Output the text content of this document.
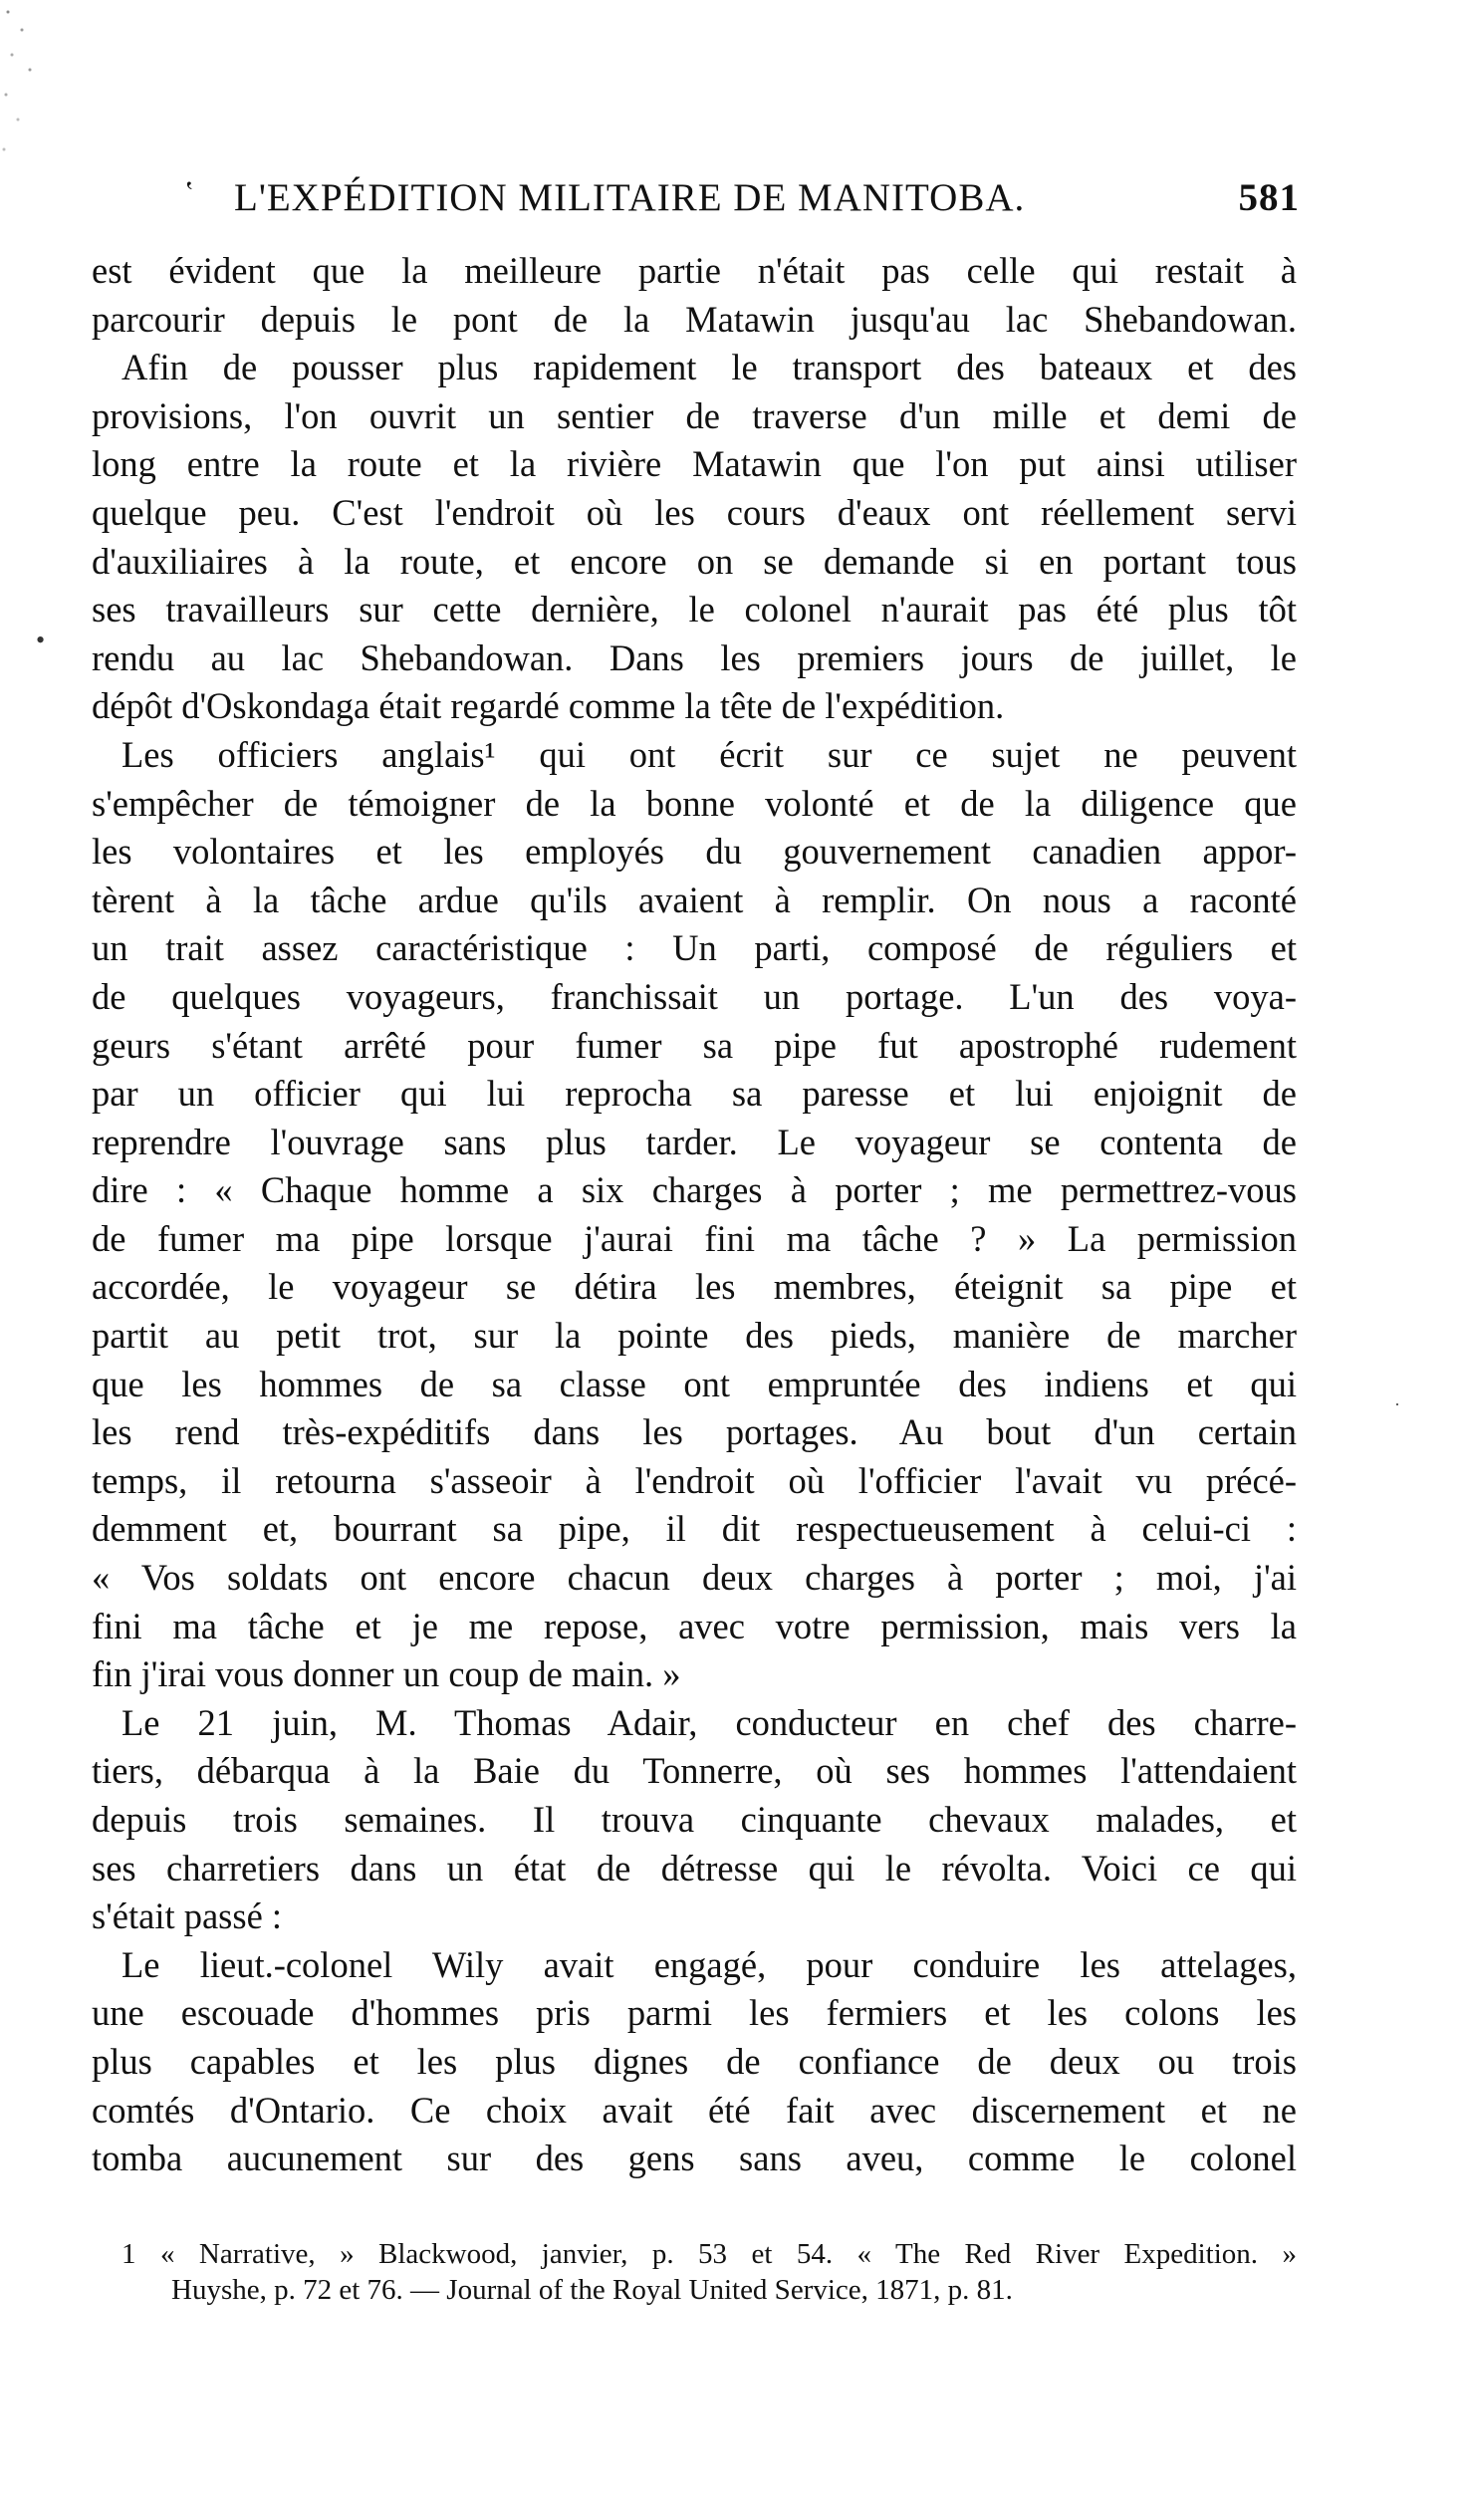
‛ L'EXPÉDITION MILITAIRE DE MANITOBA.	581
•
est évident que la meilleure partie n'était pas celle qui restait à
parcourir depuis le pont de la Matawin jusqu'au lac Shebandowan.
Afin de pousser plus rapidement le transport des bateaux et des
provisions, l'on ouvrit un sentier de traverse d'un mille et demi de
long entre la route et la rivière Matawin que l'on put ainsi utiliser
quelque peu. C'est l'endroit où les cours d'eaux ont réellement servi
d'auxiliaires à la route, et encore on se demande si en portant tous
ses travailleurs sur cette dernière, le colonel n'aurait pas été plus tôt
rendu au lac Shebandowan. Dans les premiers jours de juillet, le
dépôt d'Oskondaga était regardé comme la tête de l'expédition.
Les officiers anglais¹ qui ont écrit sur ce sujet ne peuvent
s'empêcher de témoigner de la bonne volonté et de la diligence que
les volontaires et les employés du gouvernement canadien appor-
tèrent à la tâche ardue qu'ils avaient à remplir. On nous a raconté
un trait assez caractéristique : Un parti, composé de réguliers et
de quelques voyageurs, franchissait un portage. L'un des voya-
geurs s'étant arrêté pour fumer sa pipe fut apostrophé rudement
par un officier qui lui reprocha sa paresse et lui enjoignit de
reprendre l'ouvrage sans plus tarder. Le voyageur se contenta de
dire : « Chaque homme a six charges à porter ; me permettrez-vous
de fumer ma pipe lorsque j'aurai fini ma tâche ? » La permission
accordée, le voyageur se détira les membres, éteignit sa pipe et
partit au petit trot, sur la pointe des pieds, manière de marcher
que les hommes de sa classe ont empruntée des indiens et qui
les rend très-expéditifs dans les portages. Au bout d'un certain
temps, il retourna s'asseoir à l'endroit où l'officier l'avait vu précé-
demment et, bourrant sa pipe, il dit respectueusement à celui-ci :
« Vos soldats ont encore chacun deux charges à porter ; moi, j'ai
fini ma tâche et je me repose, avec votre permission, mais vers la
fin j'irai vous donner un coup de main. »
Le 21 juin, M. Thomas Adair, conducteur en chef des charre-
tiers, débarqua à la Baie du Tonnerre, où ses hommes l'attendaient
depuis trois semaines. Il trouva cinquante chevaux malades, et
ses charretiers dans un état de détresse qui le révolta. Voici ce qui
s'était passé :
Le lieut.-colonel Wily avait engagé, pour conduire les attelages,
une escouade d'hommes pris parmi les fermiers et les colons les
plus capables et les plus dignes de confiance de deux ou trois
comtés d'Ontario. Ce choix avait été fait avec discernement et ne
tomba aucunement sur des gens sans aveu, comme le colonel
·
1 « Narrative, » Blackwood, janvier, p. 53 et 54. « The Red River Expedition. »
Huyshe, p. 72 et 76. — Journal of the Royal United Service, 1871, p. 81.
